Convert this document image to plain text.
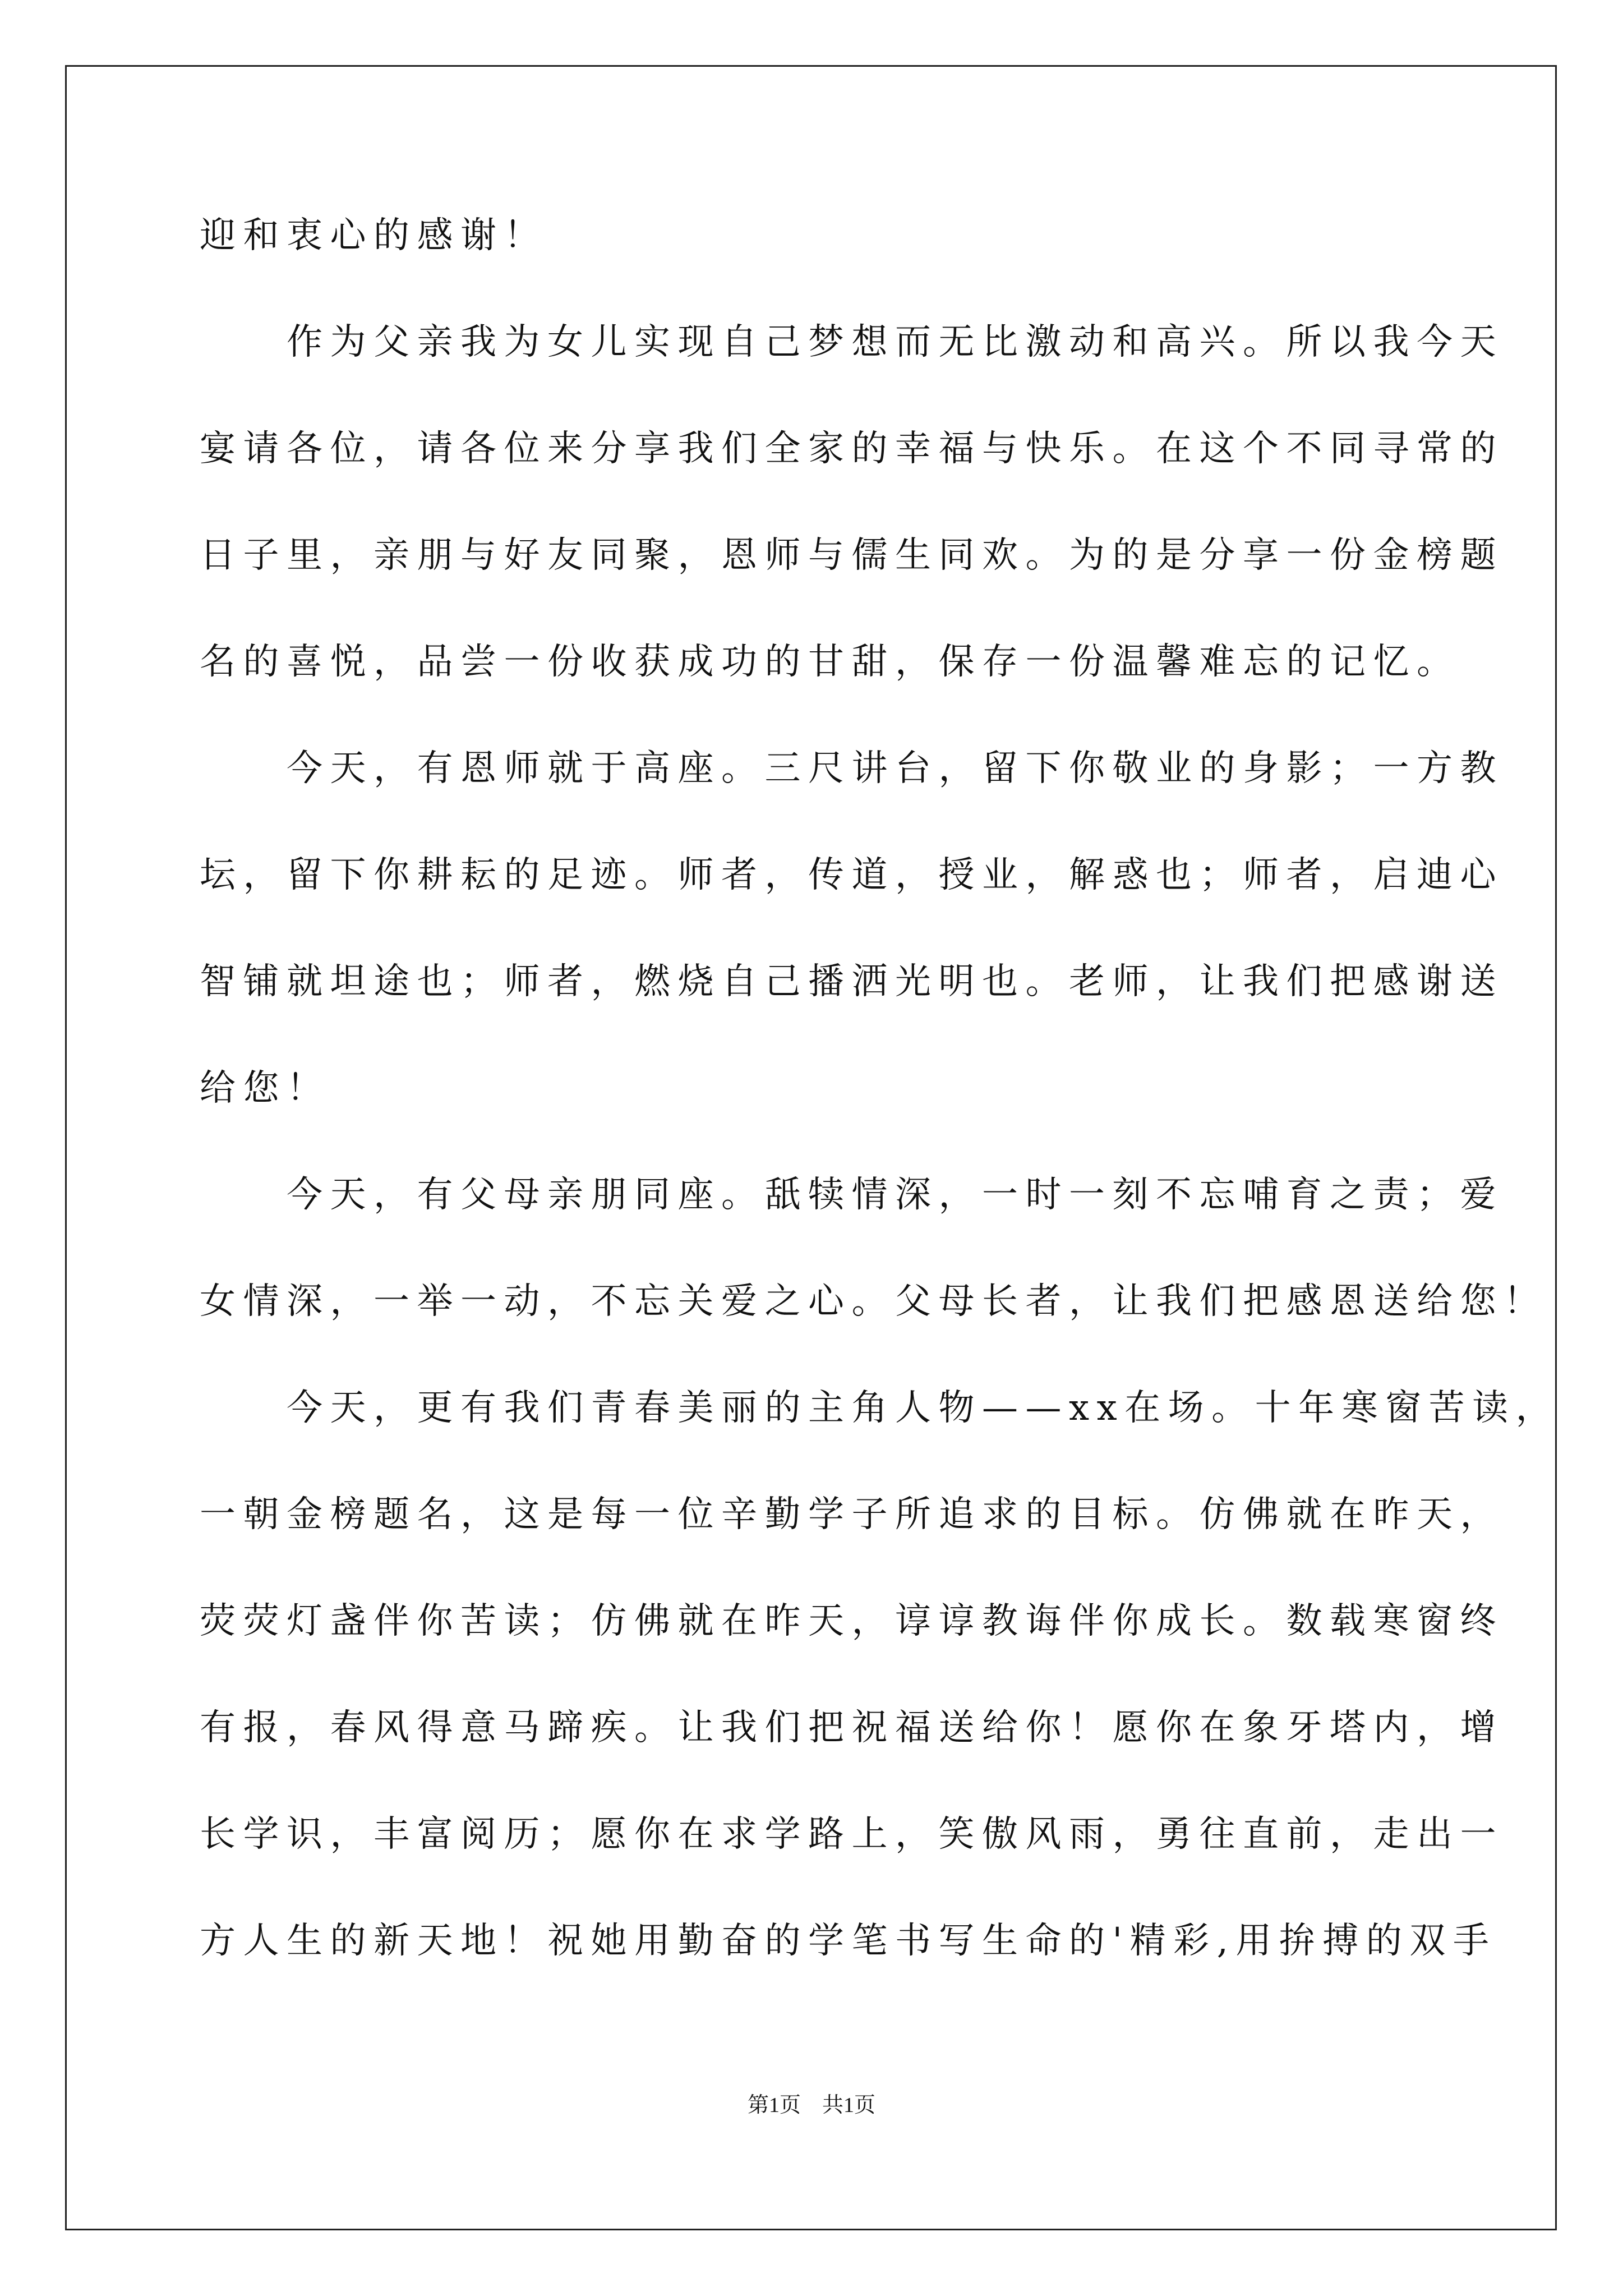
迎和衷心的感谢！
　　作为父亲我为女儿实现自己梦想而无比激动和高兴。所以我今天
宴请各位，请各位来分享我们全家的幸福与快乐。在这个不同寻常的
日子里，亲朋与好友同聚，恩师与儒生同欢。为的是分享一份金榜题
名的喜悦，品尝一份收获成功的甘甜，保存一份温馨难忘的记忆。
　　今天，有恩师就于高座。三尺讲台，留下你敬业的身影；一方教
坛，留下你耕耘的足迹。师者，传道，授业，解惑也；师者，启迪心
智铺就坦途也；师者，燃烧自己播洒光明也。老师，让我们把感谢送
给您！
　　今天，有父母亲朋同座。舐犊情深，一时一刻不忘哺育之责；爱
女情深，一举一动，不忘关爱之心。父母长者，让我们把感恩送给您！
　　今天，更有我们青春美丽的主角人物——xx在场。十年寒窗苦读，
一朝金榜题名，这是每一位辛勤学子所追求的目标。仿佛就在昨天，
荧荧灯盏伴你苦读；仿佛就在昨天，谆谆教诲伴你成长。数载寒窗终
有报，春风得意马蹄疾。让我们把祝福送给你！愿你在象牙塔内，增
长学识，丰富阅历；愿你在求学路上，笑傲风雨，勇往直前，走出一
方人生的新天地！祝她用勤奋的学笔书写生命的'精彩,用拚搏的双手
第1页　共1页
